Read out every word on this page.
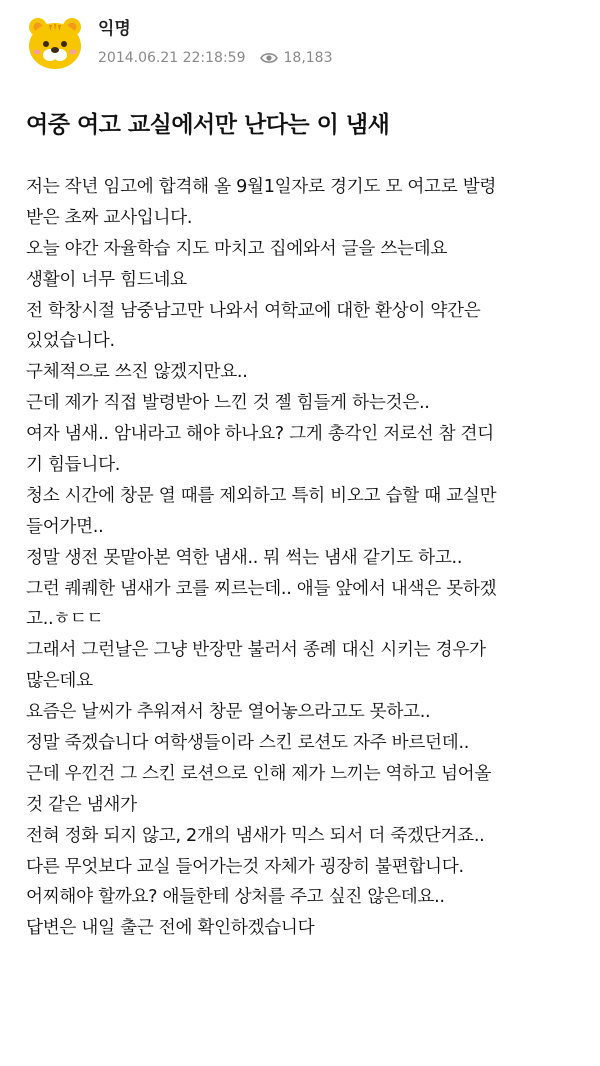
익명
2014.06.21 22:18:59	18,183
여중 여고 교실에서만 난다는 이 냄새
저는 작년 임고에 합격해 올 9월1일자로 경기도 모 여고로 발령
받은 초짜 교사입니다.
오늘 야간 자율학습 지도 마치고 집에와서 글을 쓰는데요
생활이 너무 힘드네요
전 학창시절 남중남고만 나와서 여학교에 대한 환상이 약간은
있었습니다.
구체적으로 쓰진 않겠지만요..
근데 제가 직접 발령받아 느낀 것 젤 힘들게 하는것은..
여자 냄새.. 암내라고 해야 하나요? 그게 총각인 저로선 참 견디
기 힘듭니다.
청소 시간에 창문 열 때를 제외하고 특히 비오고 습할 때 교실만
들어가면..
정말 생전 못맡아본 역한 냄새.. 뭐 썩는 냄새 같기도 하고..
그런 퀘퀘한 냄새가 코를 찌르는데.. 애들 앞에서 내색은 못하겠
고..ㅎㄷㄷ
그래서 그런날은 그냥 반장만 불러서 종례 대신 시키는 경우가
많은데요
요즘은 날씨가 추워져서 창문 열어놓으라고도 못하고..
정말 죽겠습니다 여학생들이라 스킨 로션도 자주 바르던데..
근데 우낀건 그 스킨 로션으로 인해 제가 느끼는 역하고 넘어올
것 같은 냄새가
전혀 정화 되지 않고, 2개의 냄새가 믹스 되서 더 죽겠단거죠..
다른 무엇보다 교실 들어가는것 자체가 굉장히 불편합니다.
어찌해야 할까요? 애들한테 상처를 주고 싶진 않은데요..
답변은 내일 출근 전에 확인하겠습니다
